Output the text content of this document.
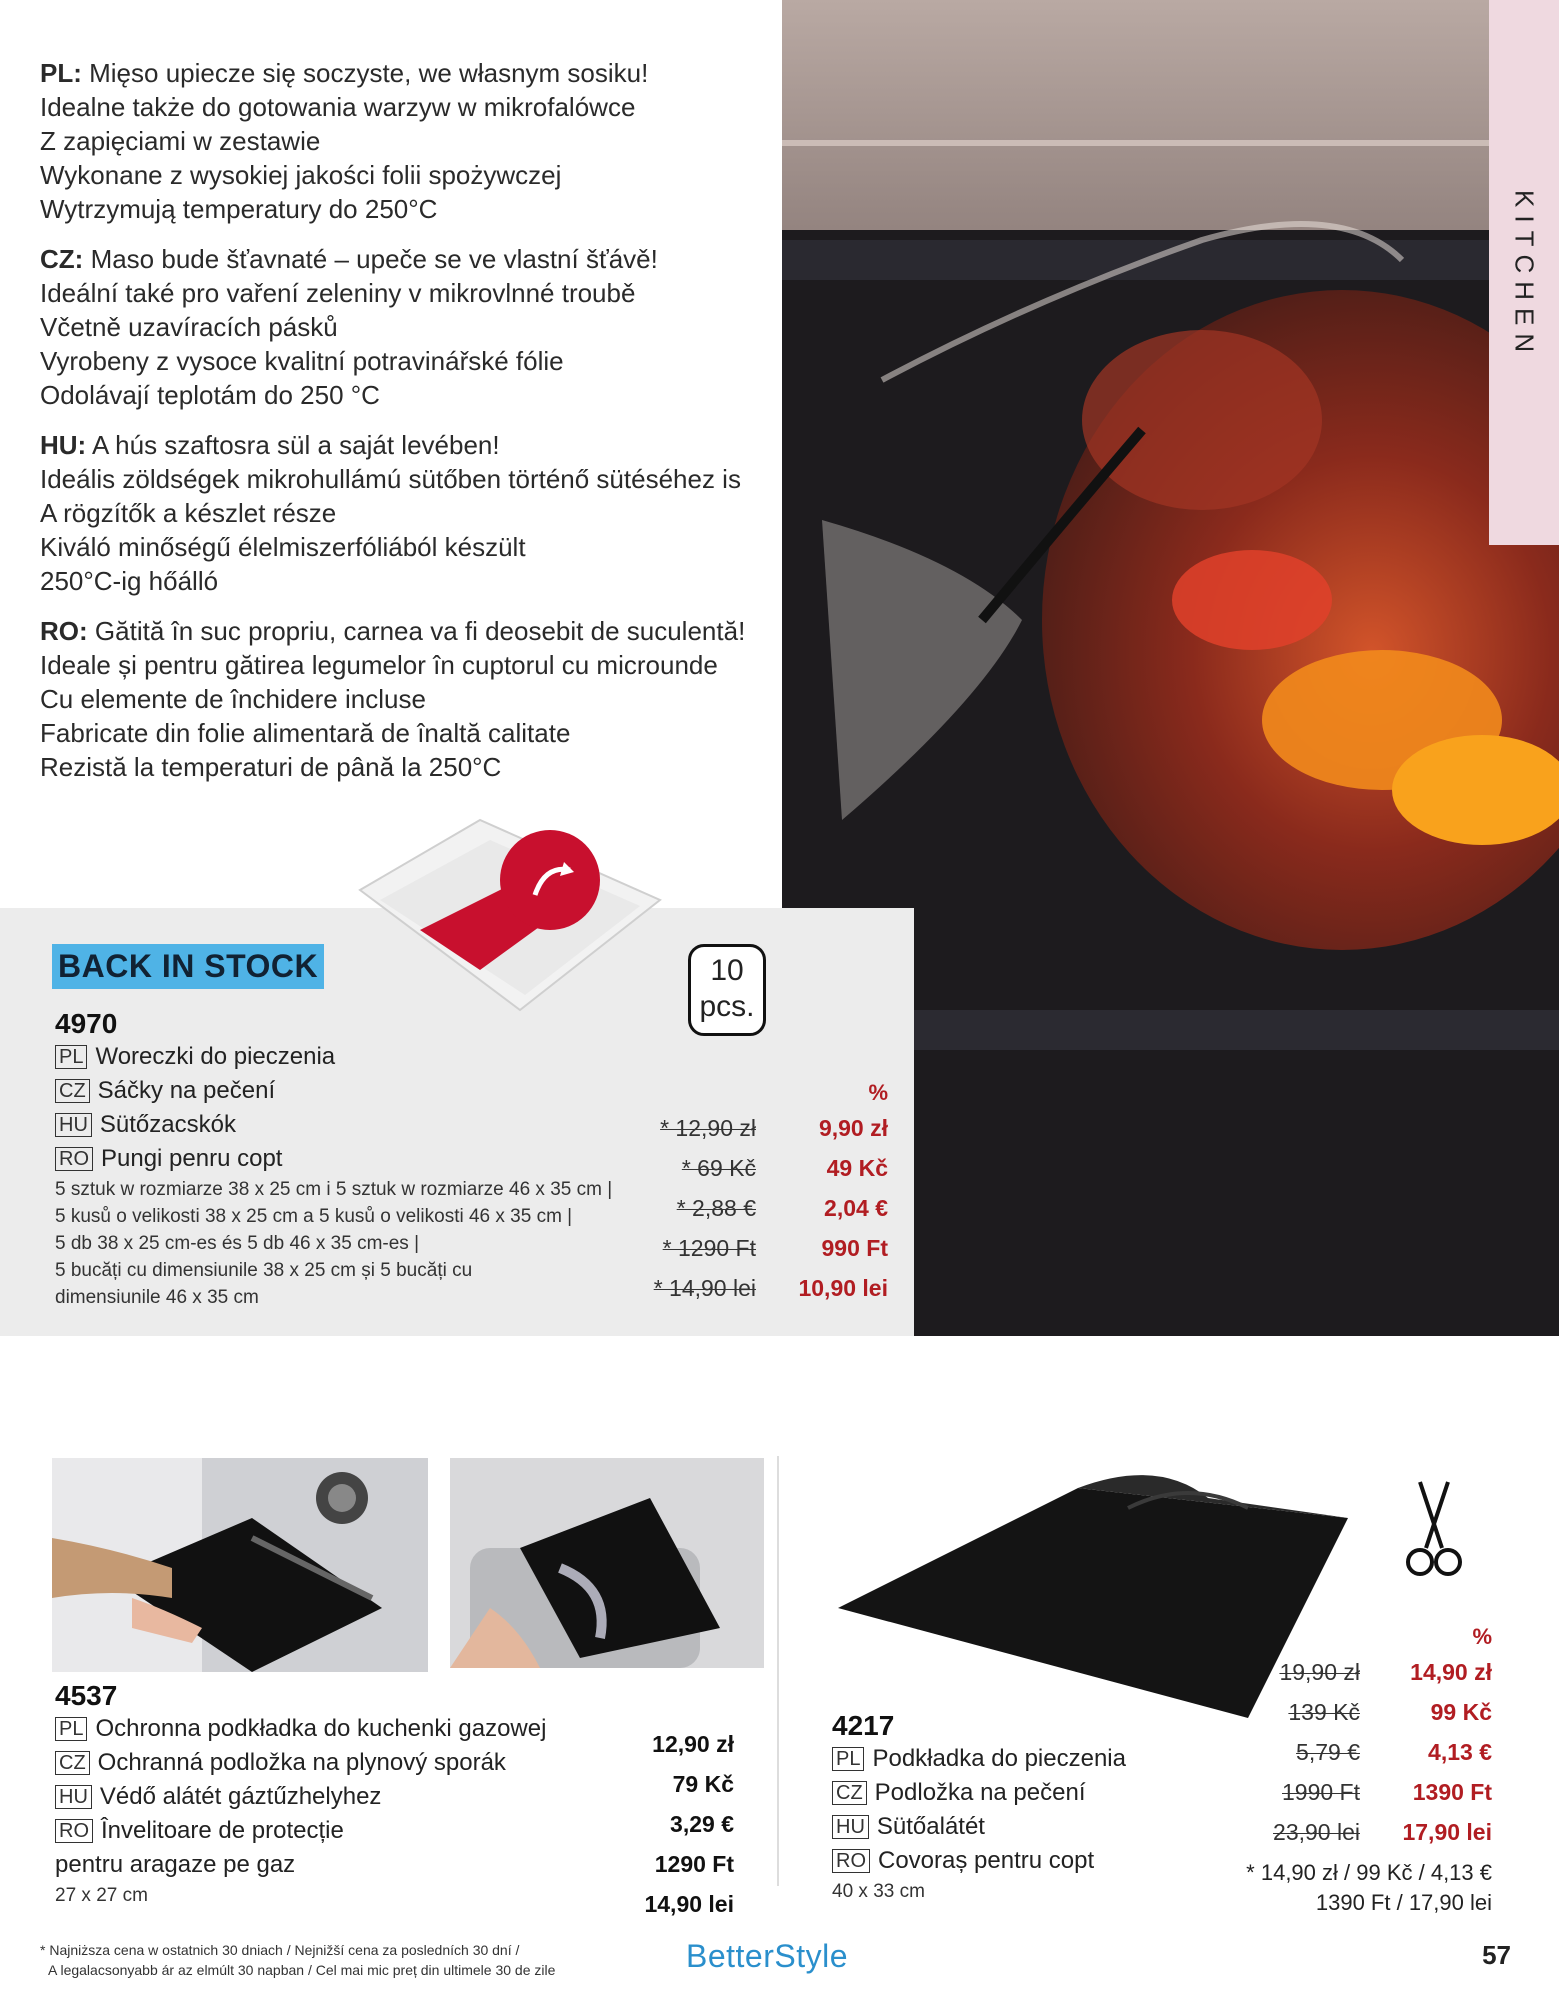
KITCHEN
PL: Mięso upiecze się soczyste, we własnym sosiku!
Idealne także do gotowania warzyw w mikrofalówce
Z zapięciami w zestawie
Wykonane z wysokiej jakości folii spożywczej
Wytrzymują temperatury do 250°C
CZ: Maso bude šťavnaté – upeče se ve vlastní šťávě!
Ideální také pro vaření zeleniny v mikrovlnné troubě
Včetně uzavíracích pásků
Vyrobeny z vysoce kvalitní potravinářské fólie
Odolávají teplotám do 250 °C
HU: A hús szaftosra sül a saját levében!
Ideális zöldségek mikrohullámú sütőben történő sütéséhez is
A rögzítők a készlet része
Kiváló minőségű élelmiszerfóliából készült
250°C-ig hőálló
RO: Gătită în suc propriu, carnea va fi deosebit de suculentă!
Ideale și pentru gătirea legumelor în cuptorul cu microunde
Cu elemente de închidere incluse
Fabricate din folie alimentară de înaltă calitate
Rezistă la temperaturi de până la 250°C
BACK IN STOCK	10
pcs.
4970
PL Woreczki do pieczenia
CZ Sáčky na pečení
HU Sütőzacskók
RO Pungi penru copt
5 sztuk w rozmiarze 38 x 25 cm i 5 sztuk w rozmiarze 46 x 35 cm |
5 kusů o velikosti 38 x 25 cm a 5 kusů o velikosti 46 x 35 cm |
5 db 38 x 25 cm-es és 5 db 46 x 35 cm-es |
5 bucăți cu dimensiunile 38 x 25 cm și 5 bucăți cu
dimensiunile 46 x 35 cm
%
* 12,90 zł	9,90 zł
* 69 Kč	49 Kč
* 2,88 €	2,04 €
* 1290 Ft	990 Ft
* 14,90 lei	10,90 lei
4537
PL Ochronna podkładka do kuchenki gazowej
CZ Ochranná podložka na plynový sporák
HU Védő alátét gáztűzhelyhez
RO Învelitoare de protecție
pentru aragaze pe gaz
27 x 27 cm
12,90 zł
79 Kč
3,29 €
1290 Ft
14,90 lei
4217
PL Podkładka do pieczenia
CZ Podložka na pečení
HU Sütőalátét
RO Covoraș pentru copt
40 x 33 cm
%
19,90 zł	14,90 zł
139 Kč	99 Kč
5,79 €	4,13 €
1990 Ft	1390 Ft
23,90 lei	17,90 lei
* 14,90 zł / 99 Kč / 4,13 €
1390 Ft / 17,90 lei
* Najniższa cena w ostatnich 30 dniach / Nejnižší cena za posledních 30 dní /
A legalacsonyabb ár az elmúlt 30 napban / Cel mai mic preț din ultimele 30 de zile	BetterStyle	57
